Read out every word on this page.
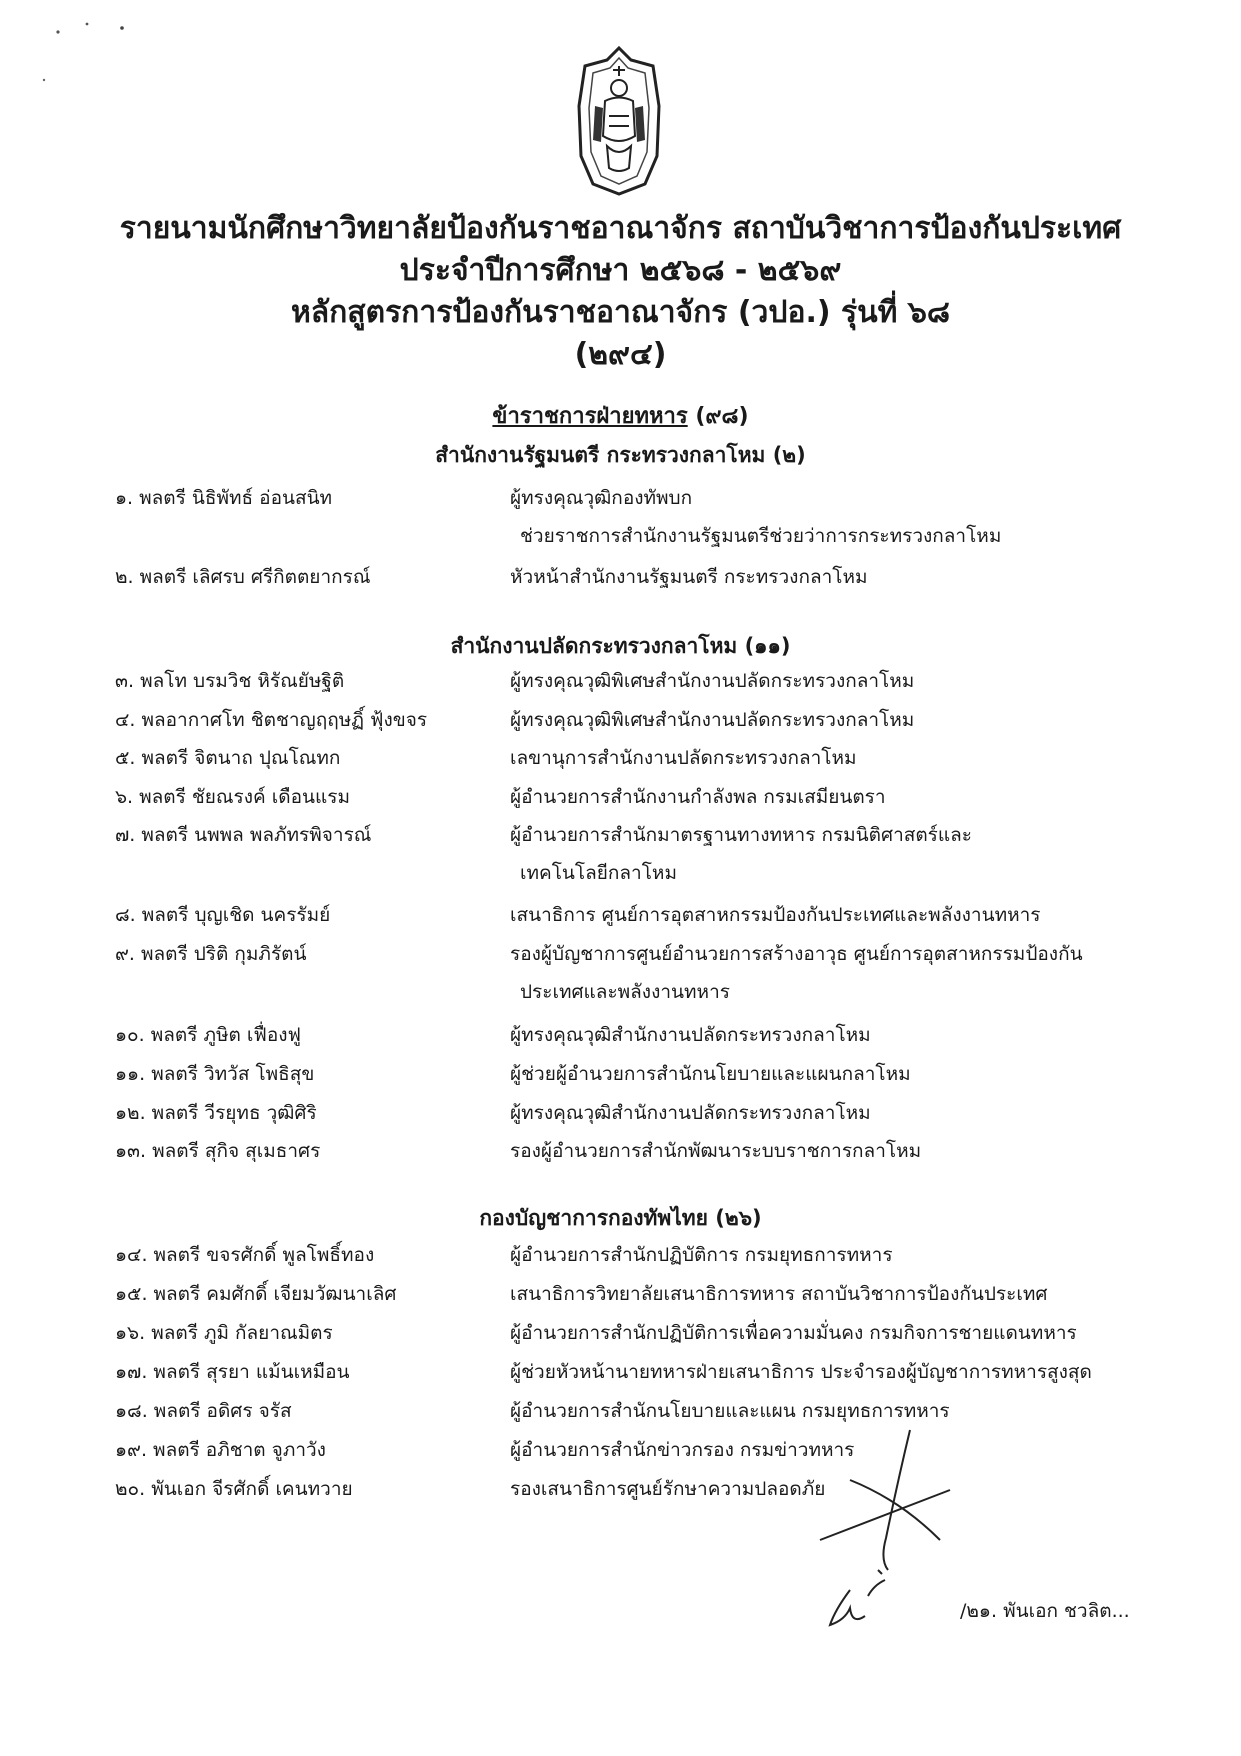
รายนามนักศึกษาวิทยาลัยป้องกันราชอาณาจักร สถาบันวิชาการป้องกันประเทศ
ประจำปีการศึกษา ๒๕๖๘ - ๒๕๖๙
หลักสูตรการป้องกันราชอาณาจักร (วปอ.) รุ่นที่ ๖๘
(๒๙๔)
ข้าราชการฝ่ายทหาร (๙๘)
สำนักงานรัฐมนตรี กระทรวงกลาโหม (๒)
๑. พลตรี นิธิพัทธ์ อ่อนสนิท	ผู้ทรงคุณวุฒิกองทัพบก
ช่วยราชการสำนักงานรัฐมนตรีช่วยว่าการกระทรวงกลาโหม
๒. พลตรี เลิศรบ ศรีกิตตยากรณ์	หัวหน้าสำนักงานรัฐมนตรี กระทรวงกลาโหม
สำนักงานปลัดกระทรวงกลาโหม (๑๑)
๓. พลโท บรมวิช หิรัณยัษฐิติ	ผู้ทรงคุณวุฒิพิเศษสำนักงานปลัดกระทรวงกลาโหม
๔. พลอากาศโท ชิตชาญฤฤษฏิ์ ฟุ้งขจร	ผู้ทรงคุณวุฒิพิเศษสำนักงานปลัดกระทรวงกลาโหม
๕. พลตรี จิตนาถ ปุณโณทก	เลขานุการสำนักงานปลัดกระทรวงกลาโหม
๖. พลตรี ชัยณรงค์ เดือนแรม	ผู้อำนวยการสำนักงานกำลังพล กรมเสมียนตรา
๗. พลตรี นพพล พลภัทรพิจารณ์	ผู้อำนวยการสำนักมาตรฐานทางทหาร กรมนิติศาสตร์และ
เทคโนโลยีกลาโหม
๘. พลตรี บุญเชิด นครรัมย์	เสนาธิการ ศูนย์การอุตสาหกรรมป้องกันประเทศและพลังงานทหาร
๙. พลตรี ปริติ กุมภิรัตน์	รองผู้บัญชาการศูนย์อำนวยการสร้างอาวุธ ศูนย์การอุตสาหกรรมป้องกัน
ประเทศและพลังงานทหาร
๑๐. พลตรี ภูษิต เฟื่องฟู	ผู้ทรงคุณวุฒิสำนักงานปลัดกระทรวงกลาโหม
๑๑. พลตรี วิทวัส โพธิสุข	ผู้ช่วยผู้อำนวยการสำนักนโยบายและแผนกลาโหม
๑๒. พลตรี วีรยุทธ วุฒิศิริ	ผู้ทรงคุณวุฒิสำนักงานปลัดกระทรวงกลาโหม
๑๓. พลตรี สุกิจ สุเมธาศร	รองผู้อำนวยการสำนักพัฒนาระบบราชการกลาโหม
กองบัญชาการกองทัพไทย (๒๖)
๑๔. พลตรี ขจรศักดิ์ พูลโพธิ์ทอง	ผู้อำนวยการสำนักปฏิบัติการ กรมยุทธการทหาร
๑๕. พลตรี คมศักดิ์ เจียมวัฒนาเลิศ	เสนาธิการวิทยาลัยเสนาธิการทหาร สถาบันวิชาการป้องกันประเทศ
๑๖. พลตรี ภูมิ กัลยาณมิตร	ผู้อำนวยการสำนักปฏิบัติการเพื่อความมั่นคง กรมกิจการชายแดนทหาร
๑๗. พลตรี สุรยา แม้นเหมือน	ผู้ช่วยหัวหน้านายทหารฝ่ายเสนาธิการ ประจำรองผู้บัญชาการทหารสูงสุด
๑๘. พลตรี อดิศร จรัส	ผู้อำนวยการสำนักนโยบายและแผน กรมยุทธการทหาร
๑๙. พลตรี อภิชาต จูภาวัง	ผู้อำนวยการสำนักข่าวกรอง กรมข่าวทหาร
๒๐. พันเอก จีรศักดิ์ เคนทวาย	รองเสนาธิการศูนย์รักษาความปลอดภัย
/๒๑. พันเอก ชวลิต...
